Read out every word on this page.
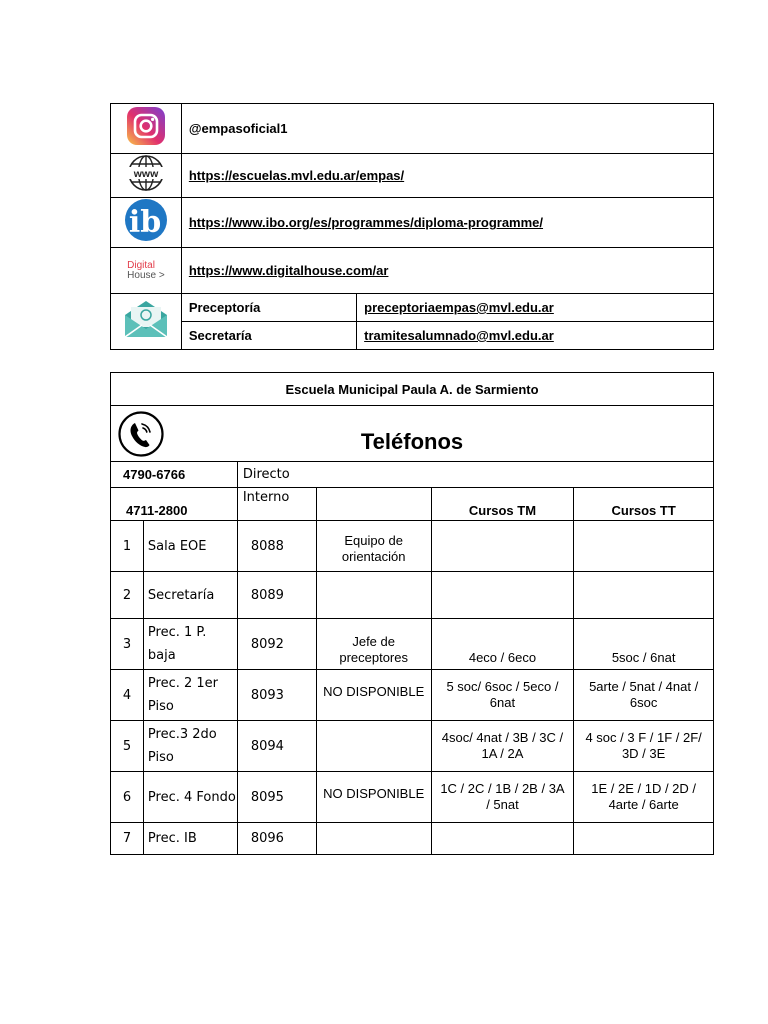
	@empasoficial1	

www	https://escuelas.mvl.edu.ar/empas/	

ib	https://www.ibo.org/es/programmes/diploma-programme/	

Digital
House >	https://www.digitalhouse.com/ar	
	Preceptoría	preceptoriaempas@mvl.edu.ar
	Secretaría	tramitesalumnado@mvl.edu.ar
Escuela Municipal Paula A. de Sarmiento					

Teléfonos					

4790-6766		Directo			
4711-2800		Interno		Cursos TM	Cursos TT
1	Sala EOE	8088	Equipo de orientación		
2	Secretaría	8089			
3	Prec. 1 P. baja	8092	Jefe de preceptores	4eco / 6eco	5soc / 6nat
4	Prec. 2 1er Piso	8093	NO DISPONIBLE	5 soc/ 6soc / 5eco / 6nat	5arte / 5nat / 4nat / 6soc
5	Prec.3 2do Piso	8094		4soc/ 4nat / 3B / 3C / 1A / 2A	4 soc / 3 F / 1F / 2F/ 3D / 3E
6	Prec. 4 Fondo	8095	NO DISPONIBLE	1C / 2C / 1B / 2B / 3A / 5nat	1E / 2E / 1D / 2D / 4arte / 6arte
7	Prec. IB	8096			
